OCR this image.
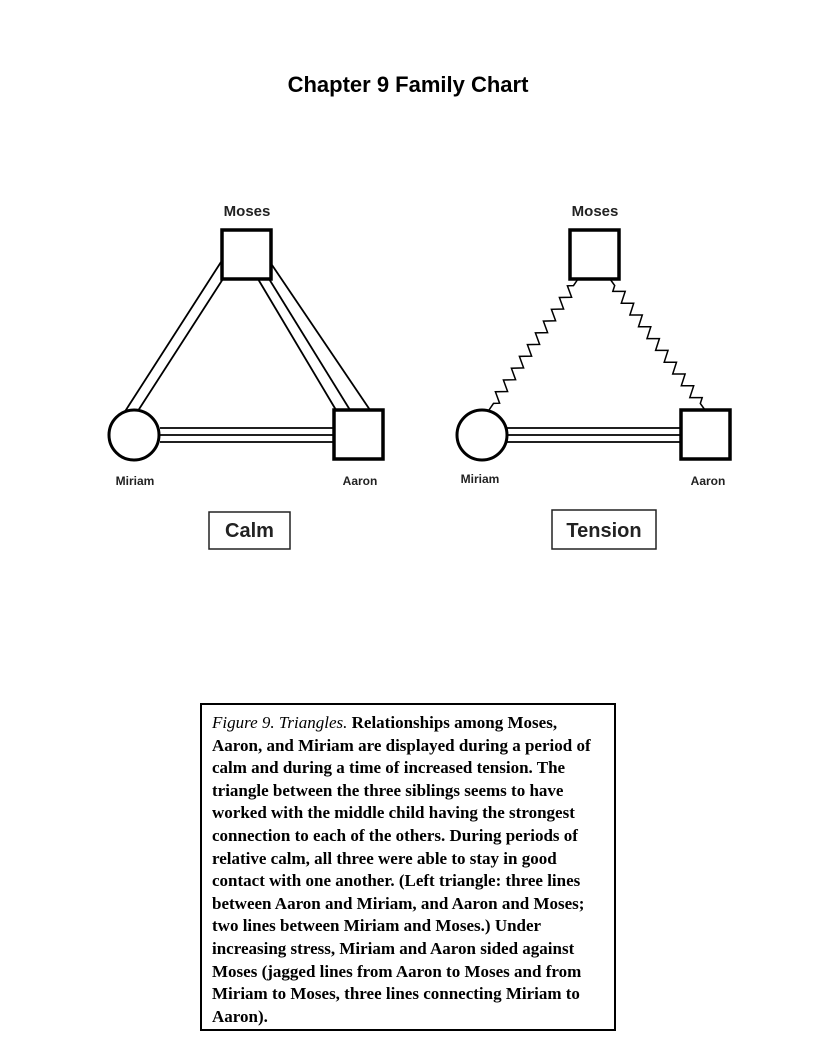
Chapter 9 Family Chart
Moses
Miriam	Aaron
Calm
Moses
Miriam	Aaron
Tension
Figure 9. Triangles. Relationships among Moses, Aaron, and Miriam are displayed during a period of calm and during a time of increased tension. The triangle between the three siblings seems to have worked with the middle child having the strongest connection to each of the others. During periods of relative calm, all three were able to stay in good contact with one another. (Left triangle: three lines between Aaron and Miriam, and Aaron and Moses; two lines between Miriam and Moses.) Under increasing stress, Miriam and Aaron sided against Moses (jagged lines from Aaron to Moses and from Miriam to Moses, three lines connecting Miriam to Aaron).
